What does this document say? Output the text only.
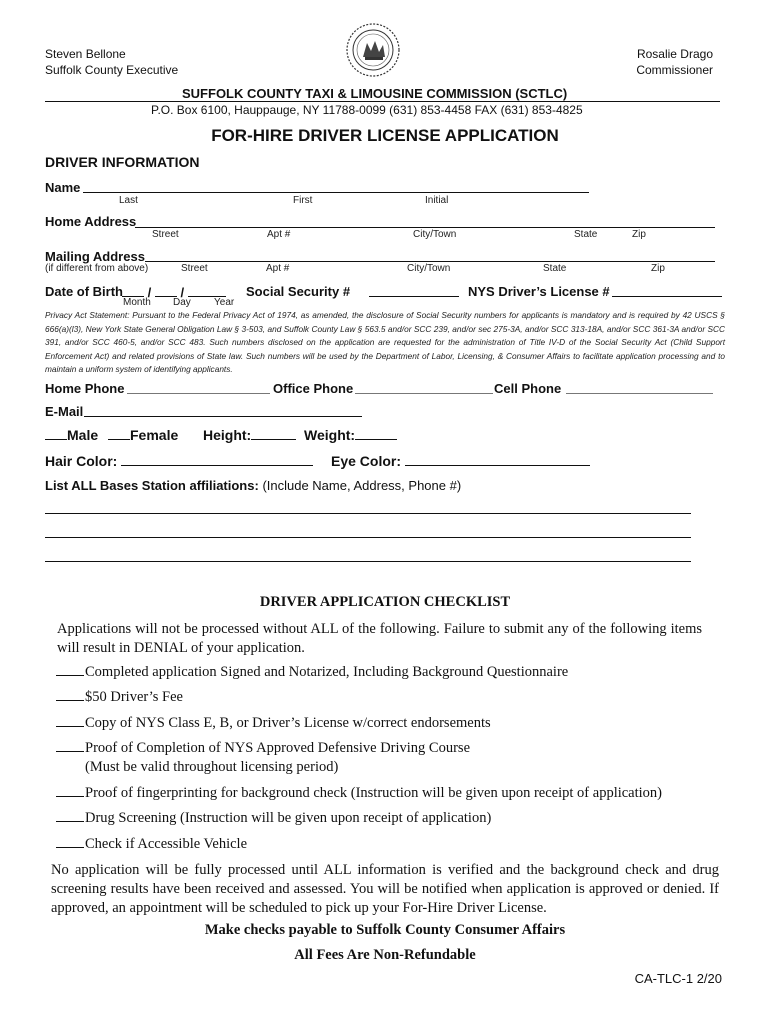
Steven Bellone
Suffolk County Executive
Rosalie Drago
Commissioner
SUFFOLK COUNTY TAXI & LIMOUSINE COMMISSION (SCTLC)
P.O. Box 6100, Hauppauge, NY 11788-0099 (631) 853-4458 FAX (631) 853-4825
FOR-HIRE DRIVER LICENSE APPLICATION
DRIVER INFORMATION
Name
Last	First	Initial
Home Address
Street	Apt #	City/Town	State	Zip
Mailing Address
(if different from above)	Street	Apt #	City/Town	State	Zip
Date of Birth	/  /
Month Day Year
Social Security #	NYS Driver’s License #
Privacy Act Statement: Pursuant to the Federal Privacy Act of 1974, as amended, the disclosure of Social Security numbers for applicants is mandatory and is required by 42 USCS § 666(a)(l3), New York State General Obligation Law § 3-503, and Suffolk County Law § 563.5 and/or SCC 239, and/or sec 275-3A, and/or SCC 313-18A, and/or SCC 361-3A and/or SCC 391, and/or SCC 460-5, and/or SCC 483. Such numbers disclosed on the application are requested for the administration of Title IV-D of the Social Security Act (Child Support Enforcement Act) and related provisions of State law. Such numbers will be used by the Department of Labor, Licensing, & Consumer Affairs to facilitate application processing and to maintain a uniform system of identifying applicants.
Home Phone	Office Phone	Cell Phone
E-Mail
Male	Female Height:	Weight:
Hair Color:	Eye Color:
List ALL Bases Station affiliations: (Include Name, Address, Phone #)
DRIVER APPLICATION CHECKLIST
Applications will not be processed without ALL of the following. Failure to submit any of the following items will result in DENIAL of your application.
Completed application Signed and Notarized, Including Background Questionnaire
$50 Driver’s Fee
Copy of NYS Class E, B, or Driver’s License w/correct endorsements
Proof of Completion of NYS Approved Defensive Driving Course
(Must be valid throughout licensing period)
Proof of fingerprinting for background check (Instruction will be given upon receipt of application)
Drug Screening (Instruction will be given upon receipt of application)
Check if Accessible Vehicle
No application will be fully processed until ALL information is verified and the background check and drug screening results have been received and assessed. You will be notified when application is approved or denied. If approved, an appointment will be scheduled to pick up your For-Hire Driver License.
Make checks payable to Suffolk County Consumer Affairs
All Fees Are Non-Refundable
CA-TLC-1 2/20
